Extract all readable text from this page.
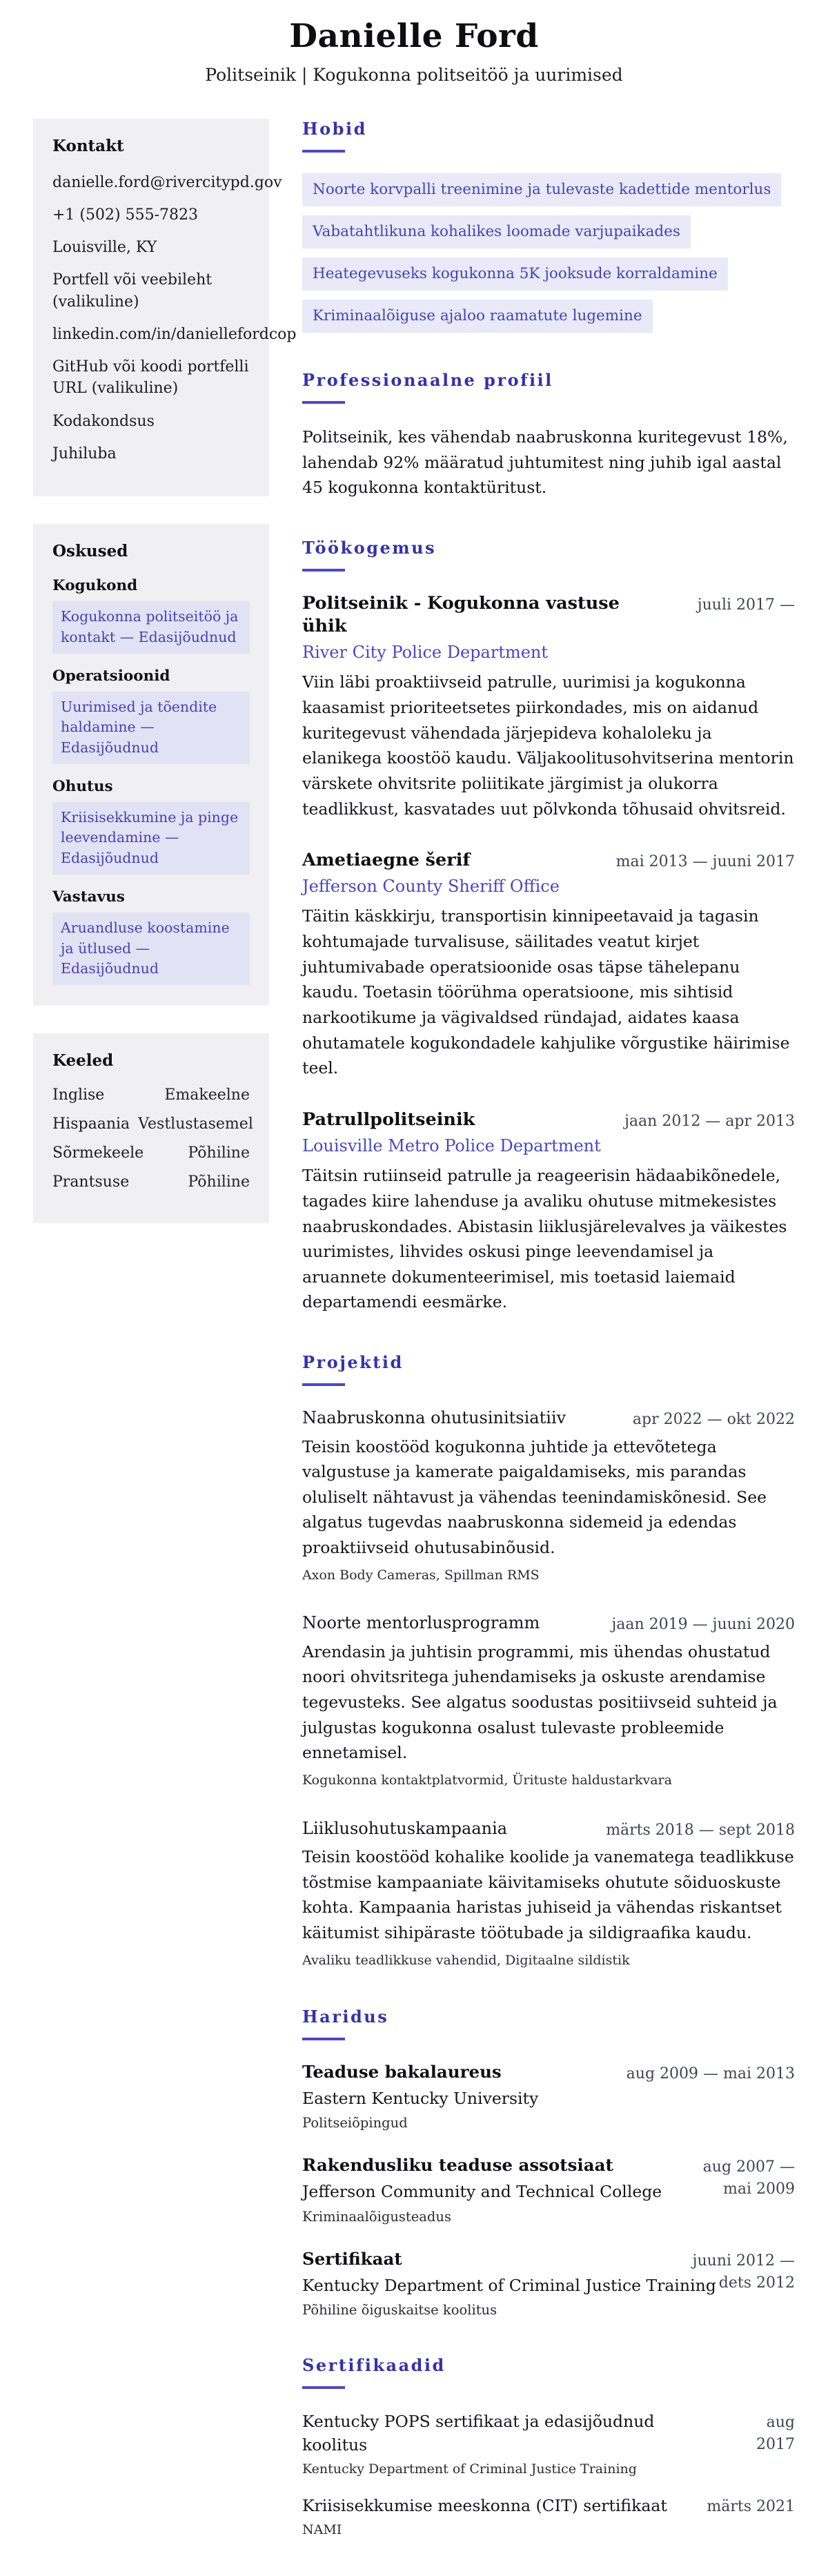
Danielle Ford
Politseinik | Kogukonna politseitöö ja uurimised
Kontakt
danielle.ford@rivercitypd.gov
+1 (502) 555-7823
Louisville, KY
Portfell või veebileht (valikuline)
linkedin.com/in/daniellefordcop
GitHub või koodi portfelli URL (valikuline)
Kodakondsus
Juhiluba
Oskused
Kogukond
Kogukonna politseitöö ja kontakt — Edasijõudnud
Operatsioonid
Uurimised ja tõendite haldamine — Edasijõudnud
Ohutus
Kriisisekkumine ja pinge leevendamine — Edasijõudnud
Vastavus
Aruandluse koostamine ja ütlused — Edasijõudnud
Keeled
Inglise	Emakeelne
Hispaania Vestlustasemel
Sõrmekeele	Põhiline
Prantsuse	Põhiline
Hobid
Noorte korvpalli treenimine ja tulevaste kadettide mentorlus
Vabatahtlikuna kohalikes loomade varjupaikades
Heategevuseks kogukonna 5K jooksude korraldamine
Kriminaalõiguse ajaloo raamatute lugemine
Professionaalne profiil
Politseinik, kes vähendab naabruskonna kuritegevust 18%, lahendab 92% määratud juhtumitest ning juhib igal aastal 45 kogukonna kontaktüritust.
Töökogemus
Politseinik - Kogukonna vastuse ühik
juuli 2017 —
River City Police Department
Viin läbi proaktiivseid patrulle, uurimisi ja kogukonna kaasamist prioriteetsetes piirkondades, mis on aidanud kuritegevust vähendada järjepideva kohaloleku ja elanikega koostöö kaudu. Väljakoolitusohvitserina mentorin värskete ohvitsrite poliitikate järgimist ja olukorra teadlikkust, kasvatades uut põlvkonda tõhusaid ohvitsreid.
Ametiaegne šerif	mai 2013 — juuni 2017
Jefferson County Sheriff Office
Täitin käskkirju, transportisin kinnipeetavaid ja tagasin kohtumajade turvalisuse, säilitades veatut kirjet juhtumivabade operatsioonide osas täpse tähelepanu kaudu. Toetasin töörühma operatsioone, mis sihtisid narkootikume ja vägivaldsed ründajad, aidates kaasa ohutamatele kogukondadele kahjulike võrgustike häirimise teel.
Patrullpolitseinik	jaan 2012 — apr 2013
Louisville Metro Police Department
Täitsin rutiinseid patrulle ja reageerisin hädaabikõnedele, tagades kiire lahenduse ja avaliku ohutuse mitmekesistes naabruskondades. Abistasin liiklusjärelevalves ja väikestes uurimistes, lihvides oskusi pinge leevendamisel ja aruannete dokumenteerimisel, mis toetasid laiemaid departamendi eesmärke.
Projektid
Naabruskonna ohutusinitsiatiiv	apr 2022 — okt 2022
Teisin koostööd kogukonna juhtide ja ettevõtetega valgustuse ja kamerate paigaldamiseks, mis parandas oluliselt nähtavust ja vähendas teenindamiskõnesid. See algatus tugevdas naabruskonna sidemeid ja edendas proaktiivseid ohutusabinõusid.
Axon Body Cameras, Spillman RMS
Noorte mentorlusprogramm	jaan 2019 — juuni 2020
Arendasin ja juhtisin programmi, mis ühendas ohustatud noori ohvitsritega juhendamiseks ja oskuste arendamise tegevusteks. See algatus soodustas positiivseid suhteid ja julgustas kogukonna osalust tulevaste probleemide ennetamisel.
Kogukonna kontaktplatvormid, Ürituste haldustarkvara
Liiklusohutuskampaania	märts 2018 — sept 2018
Teisin koostööd kohalike koolide ja vanematega teadlikkuse tõstmise kampaaniate käivitamiseks ohutute sõiduoskuste kohta. Kampaania haristas juhiseid ja vähendas riskantset käitumist sihipäraste töötubade ja sildigraafika kaudu.
Avaliku teadlikkuse vahendid, Digitaalne sildistik
Haridus
Teaduse bakalaureus	aug 2009 — mai 2013
Eastern Kentucky University
Politseiõpingud
Rakendusliku teaduse assotsiaat	aug 2007 — mai 2009
Jefferson Community and Technical College
Kriminaalõigusteadus
Sertifikaat	juuni 2012 — dets 2012
Kentucky Department of Criminal Justice Training
Põhiline õiguskaitse koolitus
Sertifikaadid
Kentucky POPS sertifikaat ja edasijõudnud koolitus
aug 2017
Kentucky Department of Criminal Justice Training
Kriisisekkumise meeskonna (CIT) sertifikaat	märts 2021
NAMI
